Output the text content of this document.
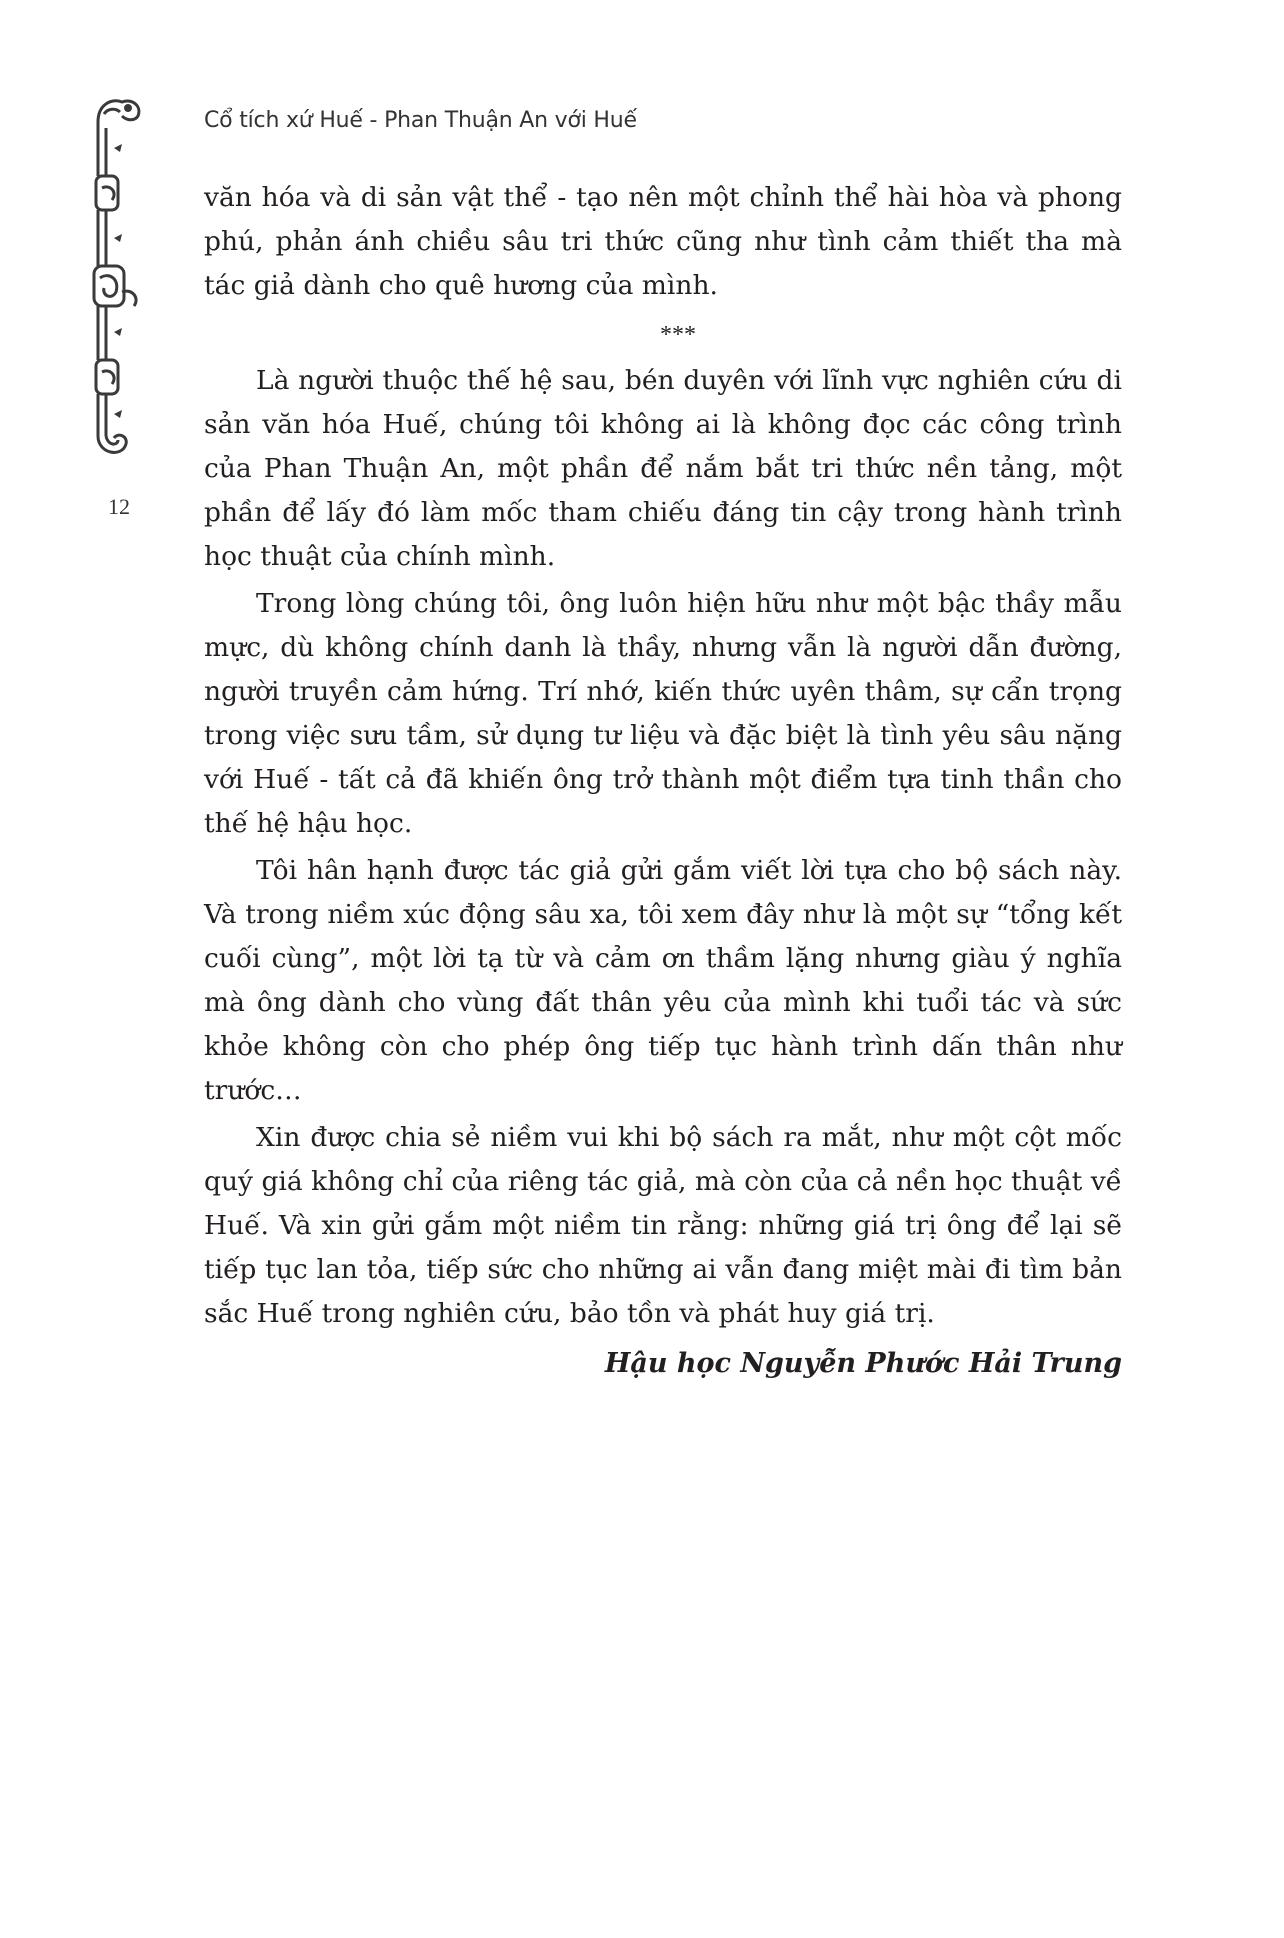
Cổ tích xứ Huế - Phan Thuận An với Huế
12

văn hóa và di sản vật thể - tạo nên một chỉnh thể hài hòa và phong phú, phản ánh chiều sâu tri thức cũng như tình cảm thiết tha mà tác giả dành cho quê hương của mình.

***

Là người thuộc thế hệ sau, bén duyên với lĩnh vực nghiên cứu di sản văn hóa Huế, chúng tôi không ai là không đọc các công trình của Phan Thuận An, một phần để nắm bắt tri thức nền tảng, một phần để lấy đó làm mốc tham chiếu đáng tin cậy trong hành trình học thuật của chính mình.

Trong lòng chúng tôi, ông luôn hiện hữu như một bậc thầy mẫu mực, dù không chính danh là thầy, nhưng vẫn là người dẫn đường, người truyền cảm hứng. Trí nhớ, kiến thức uyên thâm, sự cẩn trọng trong việc sưu tầm, sử dụng tư liệu và đặc biệt là tình yêu sâu nặng với Huế - tất cả đã khiến ông trở thành một điểm tựa tinh thần cho thế hệ hậu học.

Tôi hân hạnh được tác giả gửi gắm viết lời tựa cho bộ sách này. Và trong niềm xúc động sâu xa, tôi xem đây như là một sự “tổng kết cuối cùng”, một lời tạ từ và cảm ơn thầm lặng nhưng giàu ý nghĩa mà ông dành cho vùng đất thân yêu của mình khi tuổi tác và sức khỏe không còn cho phép ông tiếp tục hành trình dấn thân như trước…

Xin được chia sẻ niềm vui khi bộ sách ra mắt, như một cột mốc quý giá không chỉ của riêng tác giả, mà còn của cả nền học thuật về Huế. Và xin gửi gắm một niềm tin rằng: những giá trị ông để lại sẽ tiếp tục lan tỏa, tiếp sức cho những ai vẫn đang miệt mài đi tìm bản sắc Huế trong nghiên cứu, bảo tồn và phát huy giá trị.

Hậu học Nguyễn Phước Hải Trung
